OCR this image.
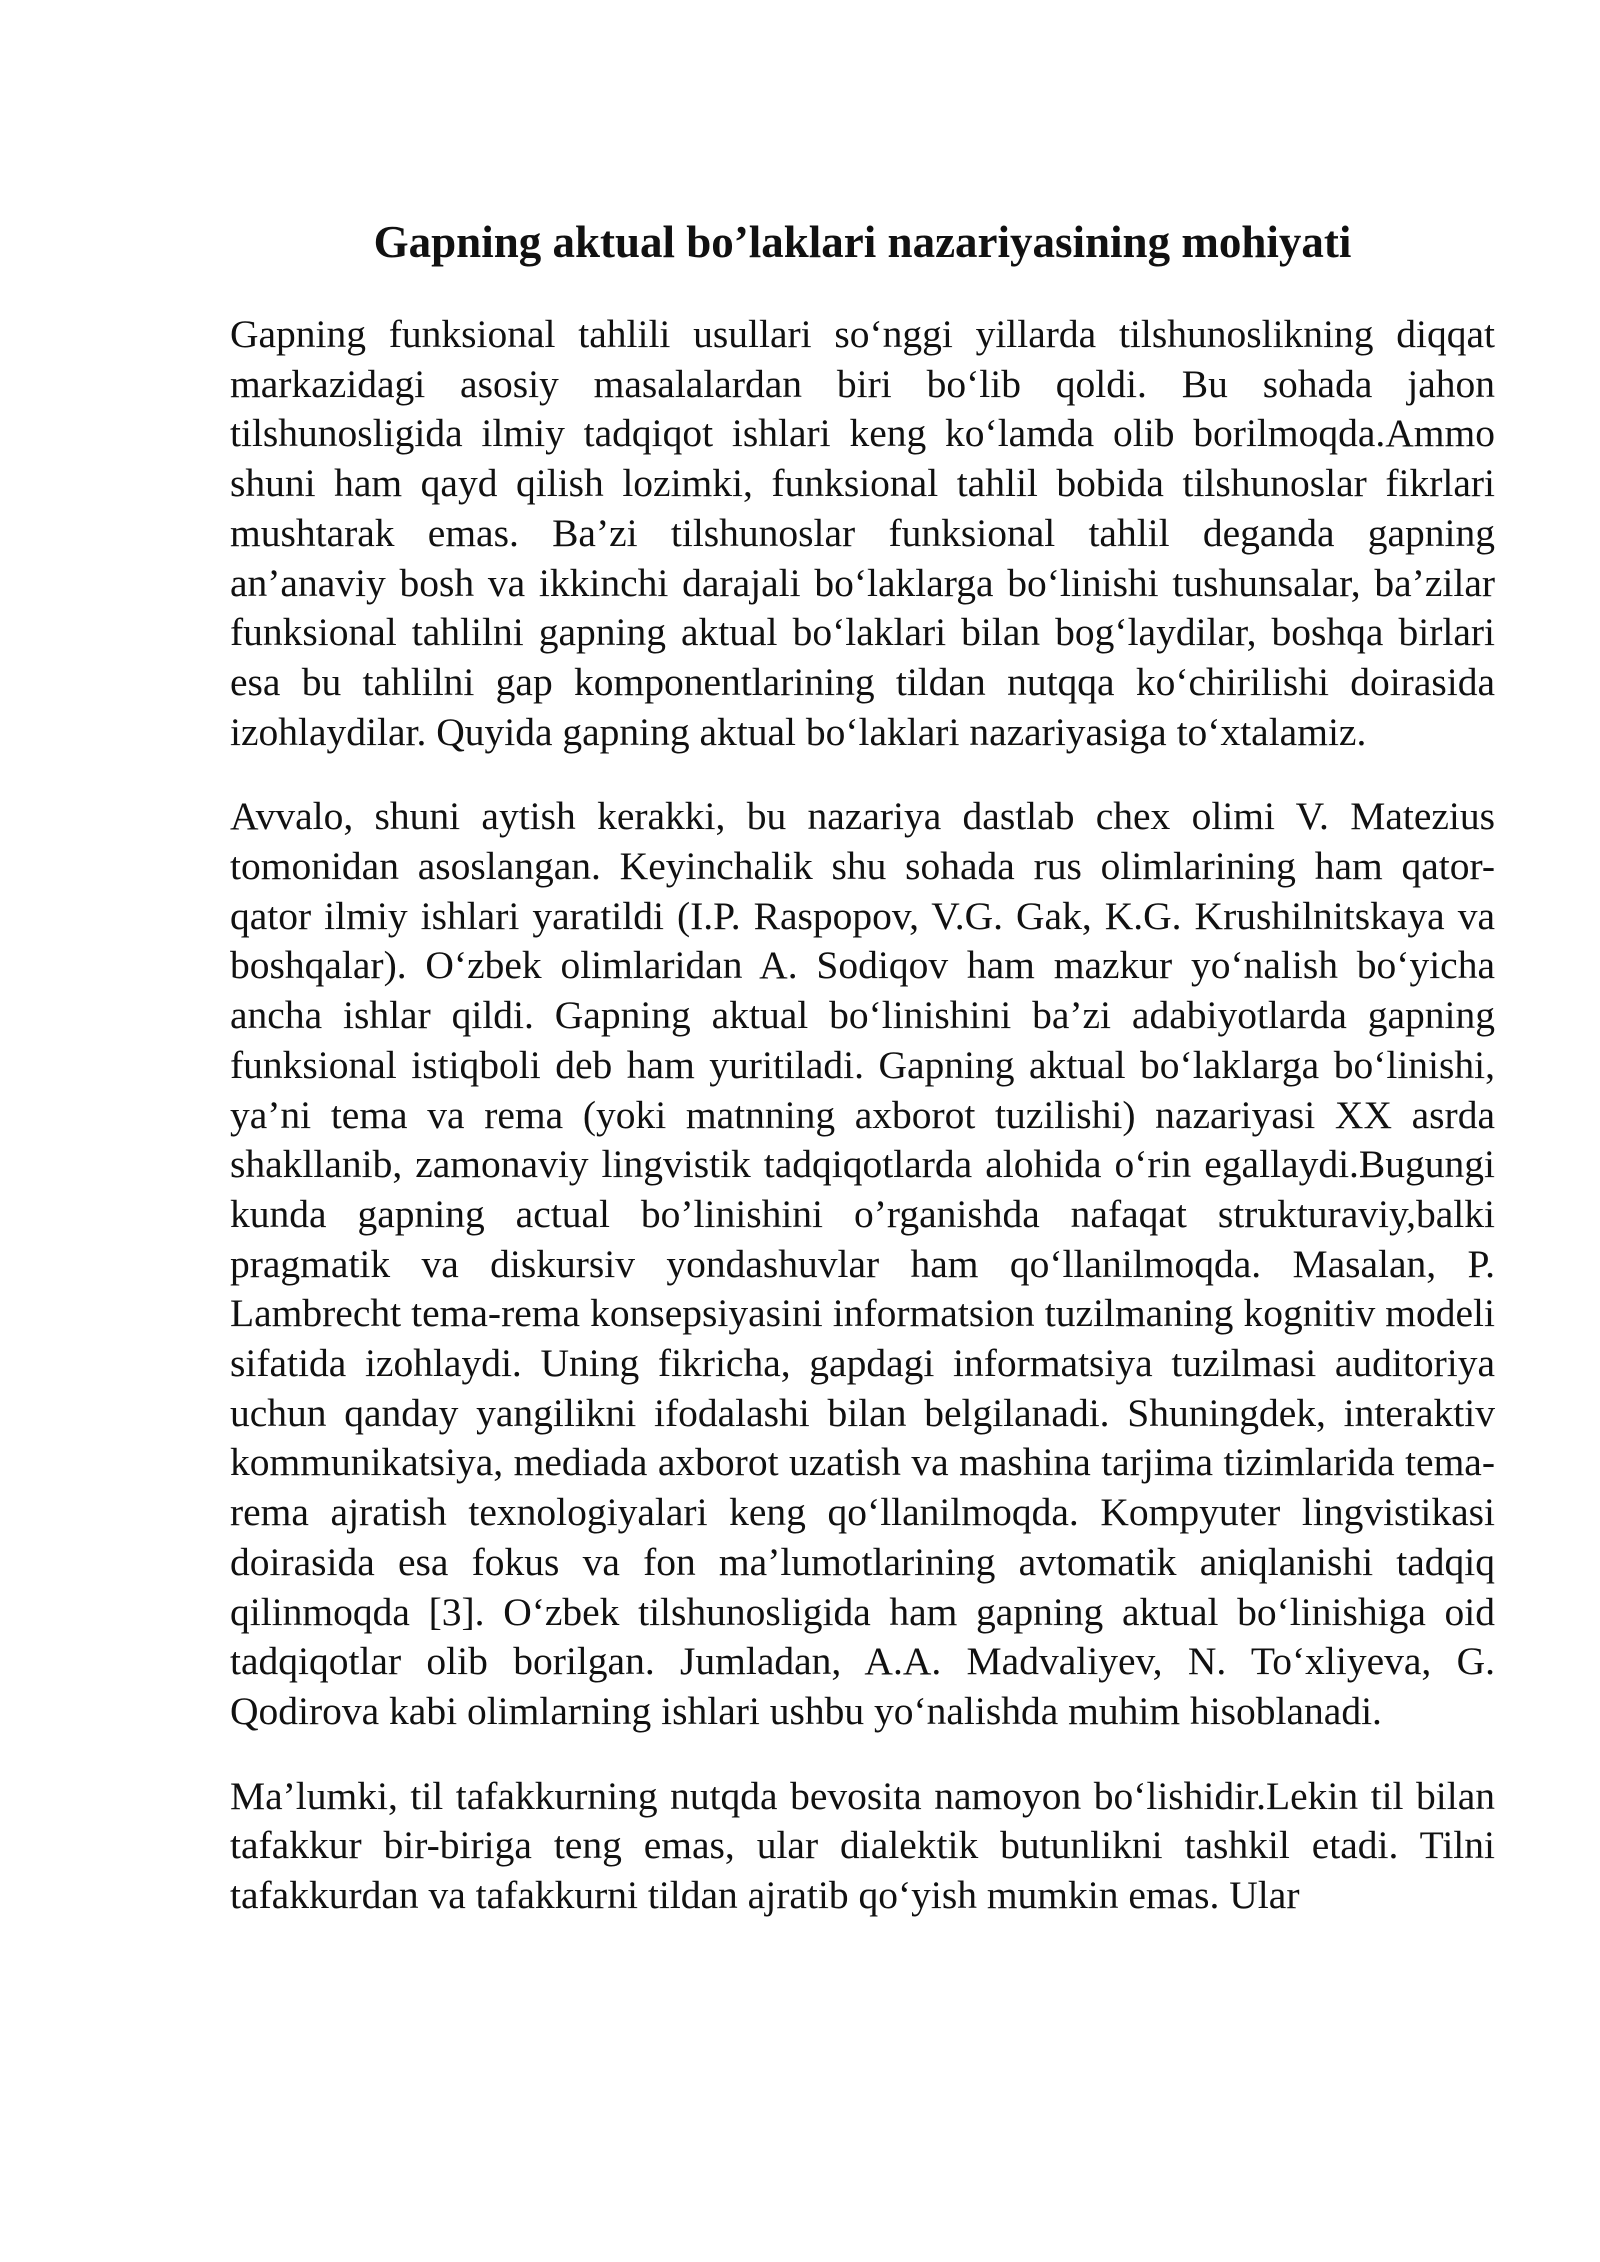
Gapning aktual bo’laklari nazariyasining mohiyati

Gapning funksional tahlili usullari so‘nggi yillarda tilshunoslikning diqqat markazidagi asosiy masalalardan biri bo‘lib qoldi. Bu sohada jahon tilshunosligida ilmiy tadqiqot ishlari keng ko‘lamda olib borilmoqda.Ammo shuni ham qayd qilish lozimki, funksional tahlil bobida tilshunoslar fikrlari mushtarak emas. Ba’zi tilshunoslar funksional tahlil deganda gapning an’anaviy bosh va ikkinchi darajali bo‘laklarga bo‘linishi tushunsalar, ba’zilar funksional tahlilni gapning aktual bo‘laklari bilan bog‘laydilar, boshqa birlari esa bu tahlilni gap komponentlarining tildan nutqqa ko‘chirilishi doirasida izohlaydilar. Quyida gapning aktual bo‘laklari nazariyasiga to‘xtalamiz.

Avvalo, shuni aytish kerakki, bu nazariya dastlab chex olimi V. Matezius tomonidan asoslangan. Keyinchalik shu sohada rus olimlarining ham qator-qator ilmiy ishlari yaratildi (I.P. Raspopov, V.G. Gak, K.G. Krushilnitskaya va boshqalar). O‘zbek olimlaridan A. Sodiqov ham mazkur yo‘nalish bo‘yicha ancha ishlar qildi. Gapning aktual bo‘linishini ba’zi adabiyotlarda gapning funksional istiqboli deb ham yuritiladi. Gapning aktual bo‘laklarga bo‘linishi, ya’ni tema va rema (yoki matnning axborot tuzilishi) nazariyasi XX asrda shakllanib, zamonaviy lingvistik tadqiqotlarda alohida o‘rin egallaydi.Bugungi kunda gapning actual bo’linishini o’rganishda nafaqat strukturaviy,balki pragmatik va diskursiv yondashuvlar ham qo‘llanilmoqda. Masalan, P. Lambrecht tema-rema konsepsiyasini informatsion tuzilmaning kognitiv modeli sifatida izohlaydi. Uning fikricha, gapdagi informatsiya tuzilmasi auditoriya uchun qanday yangilikni ifodalashi bilan belgilanadi. Shuningdek, interaktiv kommunikatsiya, mediada axborot uzatish va mashina tarjima tizimlarida tema-rema ajratish texnologiyalari keng qo‘llanilmoqda. Kompyuter lingvistikasi doirasida esa fokus va fon ma’lumotlarining avtomatik aniqlanishi tadqiq qilinmoqda [3]. O‘zbek tilshunosligida ham gapning aktual bo‘linishiga oid tadqiqotlar olib borilgan. Jumladan, A.A. Madvaliyev, N. To‘xliyeva, G. Qodirova kabi olimlarning ishlari ushbu yo‘nalishda muhim hisoblanadi.

Ma’lumki, til tafakkurning nutqda bevosita namoyon bo‘lishidir.Lekin til bilan tafakkur bir-biriga teng emas, ular dialektik butunlikni tashkil etadi. Tilni tafakkurdan va tafakkurni tildan ajratib qo‘yish mumkin emas. Ular
